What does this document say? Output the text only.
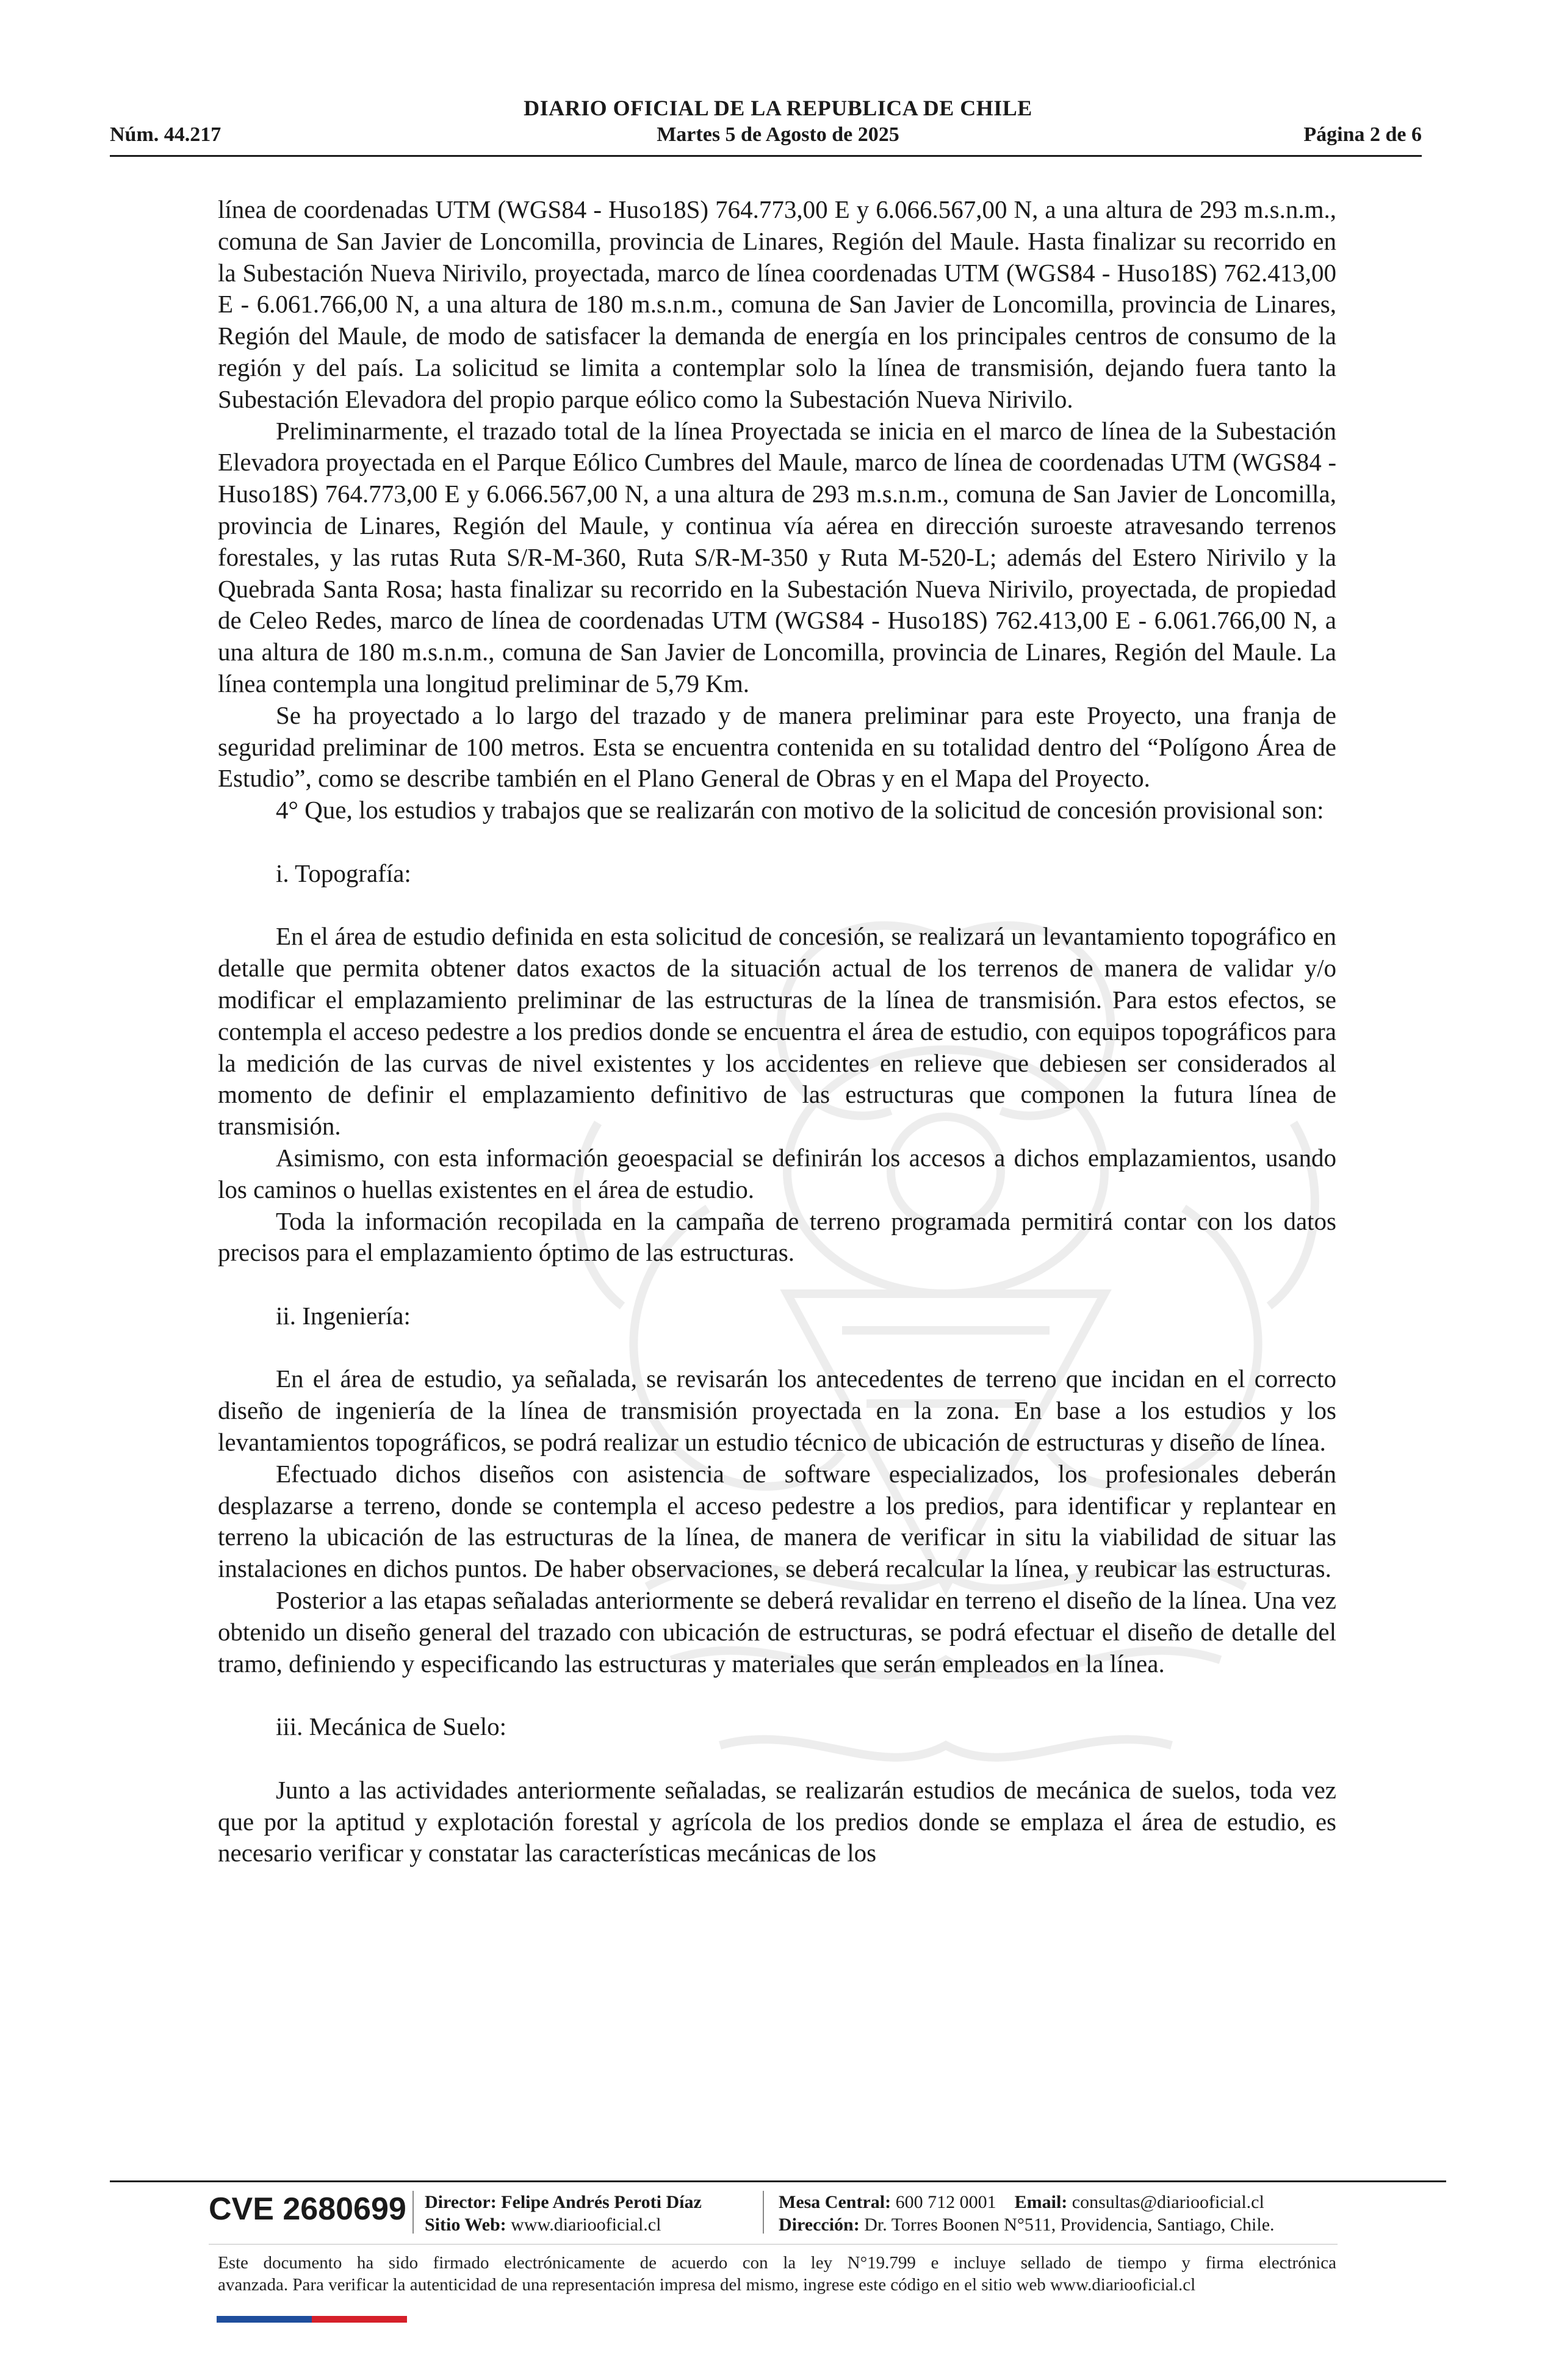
DIARIO OFICIAL DE LA REPUBLICA DE CHILE
Martes 5 de Agosto de 2025
Núm. 44.217	Página 2 de 6

línea de coordenadas UTM (WGS84 - Huso18S) 764.773,00 E y 6.066.567,00 N, a una altura de 293 m.s.n.m., comuna de San Javier de Loncomilla, provincia de Linares, Región del Maule. Hasta finalizar su recorrido en la Subestación Nueva Nirivilo, proyectada, marco de línea coordenadas UTM (WGS84 - Huso18S) 762.413,00 E - 6.061.766,00 N, a una altura de 180 m.s.n.m., comuna de San Javier de Loncomilla, provincia de Linares, Región del Maule, de modo de satisfacer la demanda de energía en los principales centros de consumo de la región y del país. La solicitud se limita a contemplar solo la línea de transmisión, dejando fuera tanto la Subestación Elevadora del propio parque eólico como la Subestación Nueva Nirivilo.

Preliminarmente, el trazado total de la línea Proyectada se inicia en el marco de línea de la Subestación Elevadora proyectada en el Parque Eólico Cumbres del Maule, marco de línea de coordenadas UTM (WGS84 - Huso18S) 764.773,00 E y 6.066.567,00 N, a una altura de 293 m.s.n.m., comuna de San Javier de Loncomilla, provincia de Linares, Región del Maule, y continua vía aérea en dirección suroeste atravesando terrenos forestales, y las rutas Ruta S/R-M-360, Ruta S/R-M-350 y Ruta M-520-L; además del Estero Nirivilo y la Quebrada Santa Rosa; hasta finalizar su recorrido en la Subestación Nueva Nirivilo, proyectada, de propiedad de Celeo Redes, marco de línea de coordenadas UTM (WGS84 - Huso18S) 762.413,00 E - 6.061.766,00 N, a una altura de 180 m.s.n.m., comuna de San Javier de Loncomilla, provincia de Linares, Región del Maule. La línea contempla una longitud preliminar de 5,79 Km.

Se ha proyectado a lo largo del trazado y de manera preliminar para este Proyecto, una franja de seguridad preliminar de 100 metros. Esta se encuentra contenida en su totalidad dentro del “Polígono Área de Estudio”, como se describe también en el Plano General de Obras y en el Mapa del Proyecto.

4° Que, los estudios y trabajos que se realizarán con motivo de la solicitud de concesión provisional son:

i. Topografía:

En el área de estudio definida en esta solicitud de concesión, se realizará un levantamiento topográfico en detalle que permita obtener datos exactos de la situación actual de los terrenos de manera de validar y/o modificar el emplazamiento preliminar de las estructuras de la línea de transmisión. Para estos efectos, se contempla el acceso pedestre a los predios donde se encuentra el área de estudio, con equipos topográficos para la medición de las curvas de nivel existentes y los accidentes en relieve que debiesen ser considerados al momento de definir el emplazamiento definitivo de las estructuras que componen la futura línea de transmisión.

Asimismo, con esta información geoespacial se definirán los accesos a dichos emplazamientos, usando los caminos o huellas existentes en el área de estudio.

Toda la información recopilada en la campaña de terreno programada permitirá contar con los datos precisos para el emplazamiento óptimo de las estructuras.

ii. Ingeniería:

En el área de estudio, ya señalada, se revisarán los antecedentes de terreno que incidan en el correcto diseño de ingeniería de la línea de transmisión proyectada en la zona. En base a los estudios y los levantamientos topográficos, se podrá realizar un estudio técnico de ubicación de estructuras y diseño de línea.

Efectuado dichos diseños con asistencia de software especializados, los profesionales deberán desplazarse a terreno, donde se contempla el acceso pedestre a los predios, para identificar y replantear en terreno la ubicación de las estructuras de la línea, de manera de verificar in situ la viabilidad de situar las instalaciones en dichos puntos. De haber observaciones, se deberá recalcular la línea, y reubicar las estructuras.

Posterior a las etapas señaladas anteriormente se deberá revalidar en terreno el diseño de la línea. Una vez obtenido un diseño general del trazado con ubicación de estructuras, se podrá efectuar el diseño de detalle del tramo, definiendo y especificando las estructuras y materiales que serán empleados en la línea.

iii. Mecánica de Suelo:

Junto a las actividades anteriormente señaladas, se realizarán estudios de mecánica de suelos, toda vez que por la aptitud y explotación forestal y agrícola de los predios donde se emplaza el área de estudio, es necesario verificar y constatar las características mecánicas de los

CVE 2680699 Director: Felipe Andrés Peroti Díaz
Sitio Web: www.diariooficial.cl
Mesa Central: 600 712 0001 Email: consultas@diariooficial.cl
Dirección: Dr. Torres Boonen N°511, Providencia, Santiago, Chile.
Este documento ha sido firmado electrónicamente de acuerdo con la ley N°19.799 e incluye sellado de tiempo y firma electrónica
avanzada. Para verificar la autenticidad de una representación impresa del mismo, ingrese este código en el sitio web www.diariooficial.cl
